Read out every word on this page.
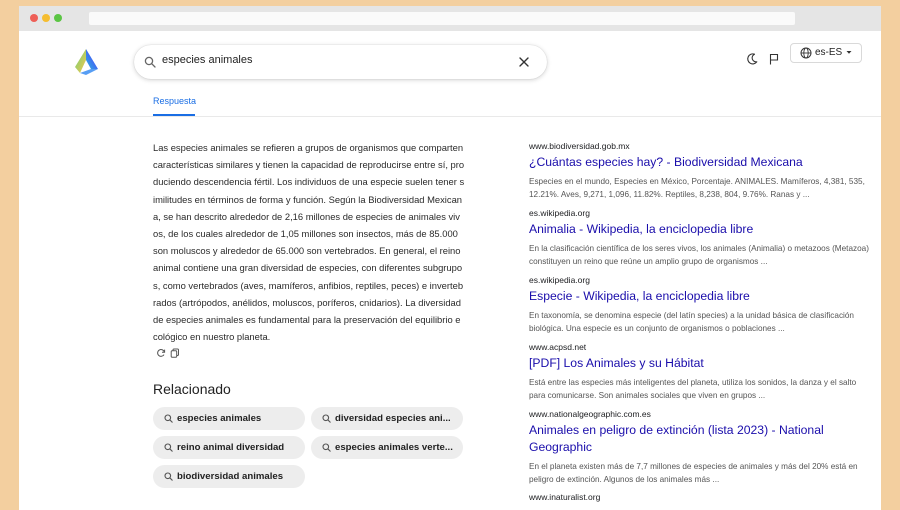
especies animales
es-ES
Respuesta
Las especies animales se refieren a grupos de organismos que comparten características similares y tienen la capacidad de reproducirse entre sí, produciendo descendencia fértil. Los individuos de una especie suelen tener similitudes en términos de forma y función. Según la Biodiversidad Mexicana, se han descrito alrededor de 2,16 millones de especies de animales vivos, de los cuales alrededor de 1,05 millones son insectos, más de 85.000 son moluscos y alrededor de 65.000 son vertebrados. En general, el reino animal contiene una gran diversidad de especies, con diferentes subgrupos, como vertebrados (aves, mamíferos, anfibios, reptiles, peces) e invertebrados (artrópodos, anélidos, moluscos, poríferos, cnidarios). La diversidad de especies animales es fundamental para la preservación del equilibrio ecológico en nuestro planeta.
Relacionado
especies animales	diversidad especies ani...
reino animal diversidad	especies animales verte...
biodiversidad animales
www.biodiversidad.gob.mx
¿Cuántas especies hay? - Biodiversidad Mexicana
Especies en el mundo, Especies en México, Porcentaje. ANIMALES. Mamíferos, 4,381, 535, 12.21%. Aves, 9,271, 1,096, 11.82%. Reptiles, 8,238, 804, 9.76%. Ranas y ...
es.wikipedia.org
Animalia - Wikipedia, la enciclopedia libre
En la clasificación científica de los seres vivos, los animales (Animalia) o metazoos (Metazoa) constituyen un reino que reúne un amplio grupo de organismos ...
es.wikipedia.org
Especie - Wikipedia, la enciclopedia libre
En taxonomía, se denomina especie (del latín species) a la unidad básica de clasificación biológica. Una especie es un conjunto de organismos o poblaciones ...
www.acpsd.net
[PDF] Los Animales y su Hábitat
Está entre las especies más inteligentes del planeta, utiliza los sonidos, la danza y el salto para comunicarse. Son animales sociales que viven en grupos ...
www.nationalgeographic.com.es
Animales en peligro de extinción (lista 2023) - National Geographic
En el planeta existen más de 7,7 millones de especies de animales y más del 20% está en peligro de extinción. Algunos de los animales más ...
www.inaturalist.org
